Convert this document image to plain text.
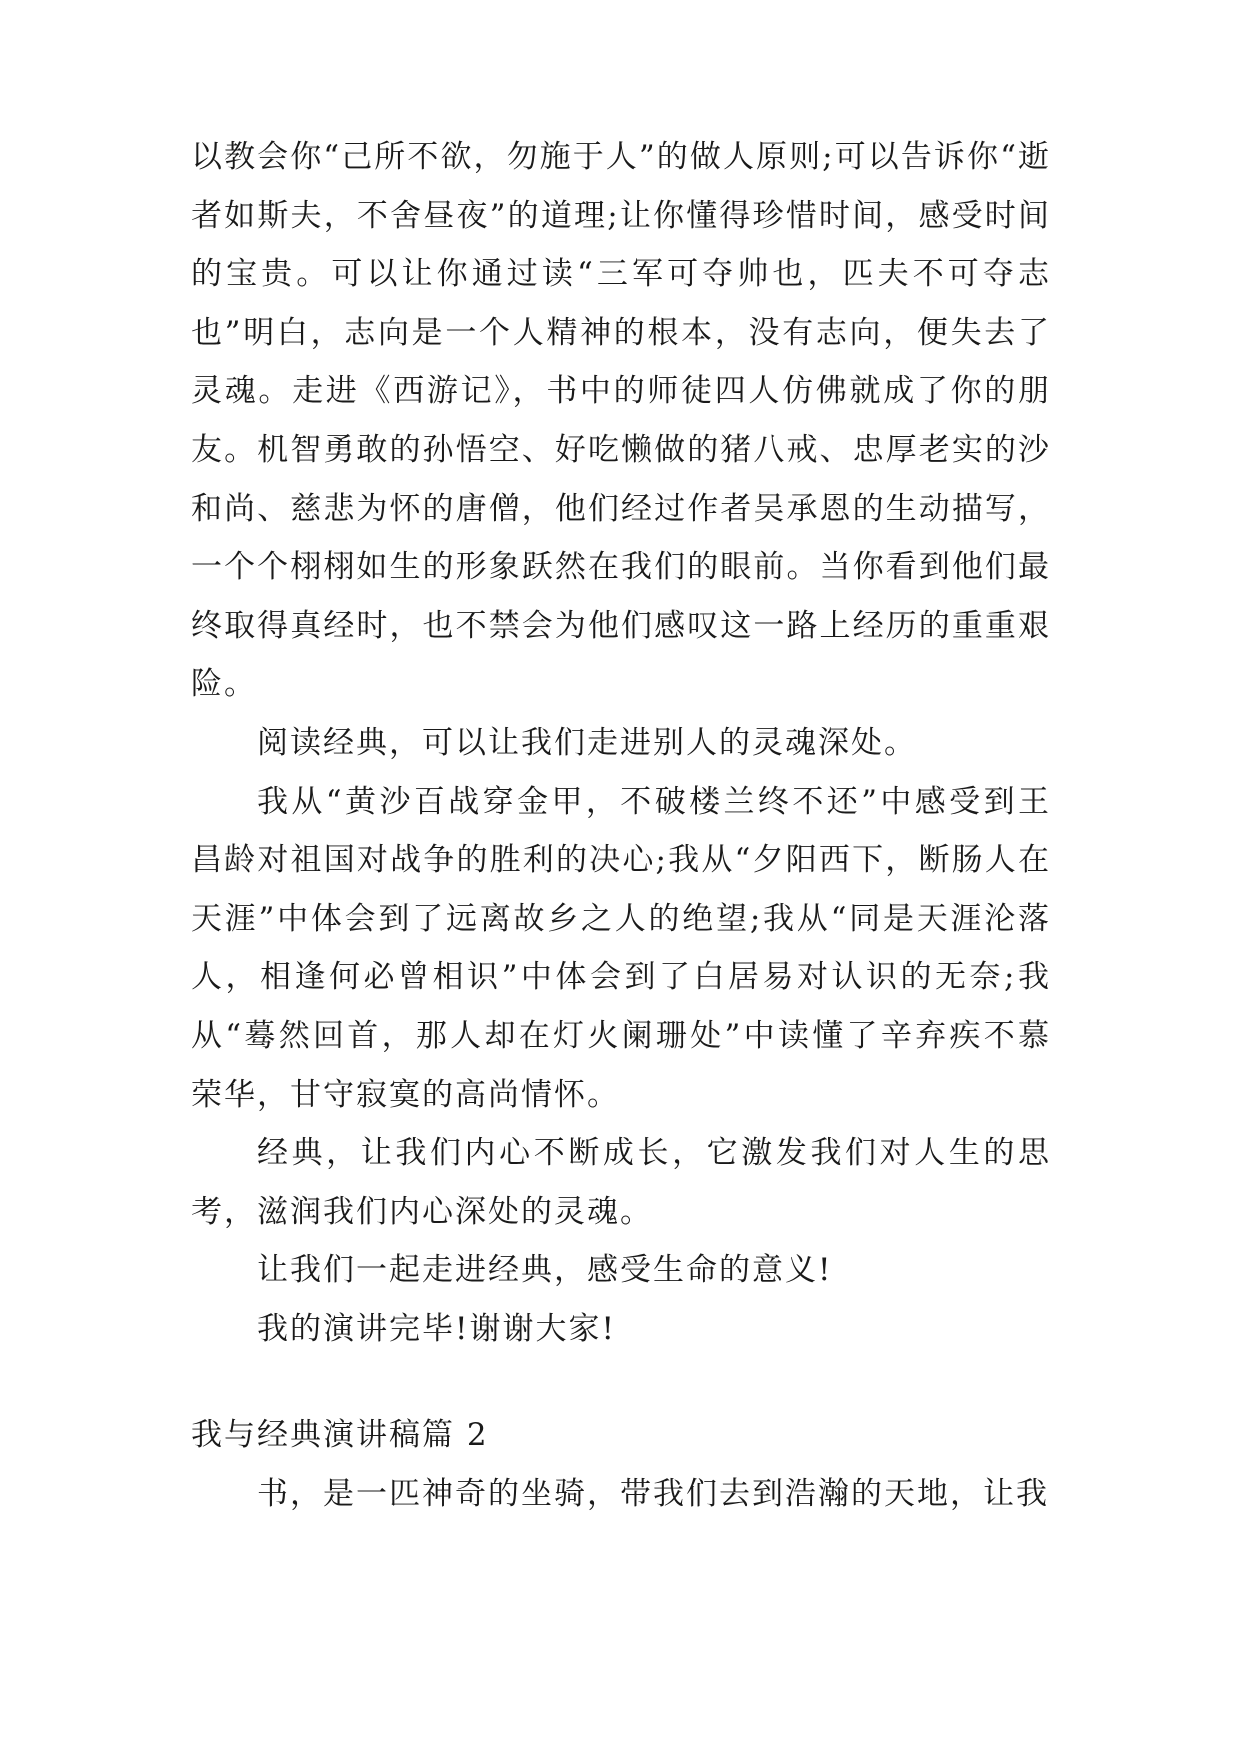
以教会你“己所不欲，勿施于人”的做人原则;可以告诉你“逝者如斯夫，不舍昼夜”的道理;让你懂得珍惜时间，感受时间的宝贵。可以让你通过读“三军可夺帅也，匹夫不可夺志也”明白，志向是一个人精神的根本，没有志向，便失去了灵魂。走进《西游记》，书中的师徒四人仿佛就成了你的朋友。机智勇敢的孙悟空、好吃懒做的猪八戒、忠厚老实的沙和尚、慈悲为怀的唐僧，他们经过作者吴承恩的生动描写，一个个栩栩如生的形象跃然在我们的眼前。当你看到他们最终取得真经时，也不禁会为他们感叹这一路上经历的重重艰险。

阅读经典，可以让我们走进别人的灵魂深处。

我从“黄沙百战穿金甲，不破楼兰终不还”中感受到王昌龄对祖国对战争的胜利的决心;我从“夕阳西下，断肠人在天涯”中体会到了远离故乡之人的绝望;我从“同是天涯沦落人，相逢何必曾相识”中体会到了白居易对认识的无奈;我从“蓦然回首，那人却在灯火阑珊处”中读懂了辛弃疾不慕荣华，甘守寂寞的高尚情怀。

经典，让我们内心不断成长，它激发我们对人生的思考，滋润我们内心深处的灵魂。

让我们一起走进经典，感受生命的意义!

我的演讲完毕!谢谢大家!

我与经典演讲稿篇 2

书，是一匹神奇的坐骑，带我们去到浩瀚的天地，让我
